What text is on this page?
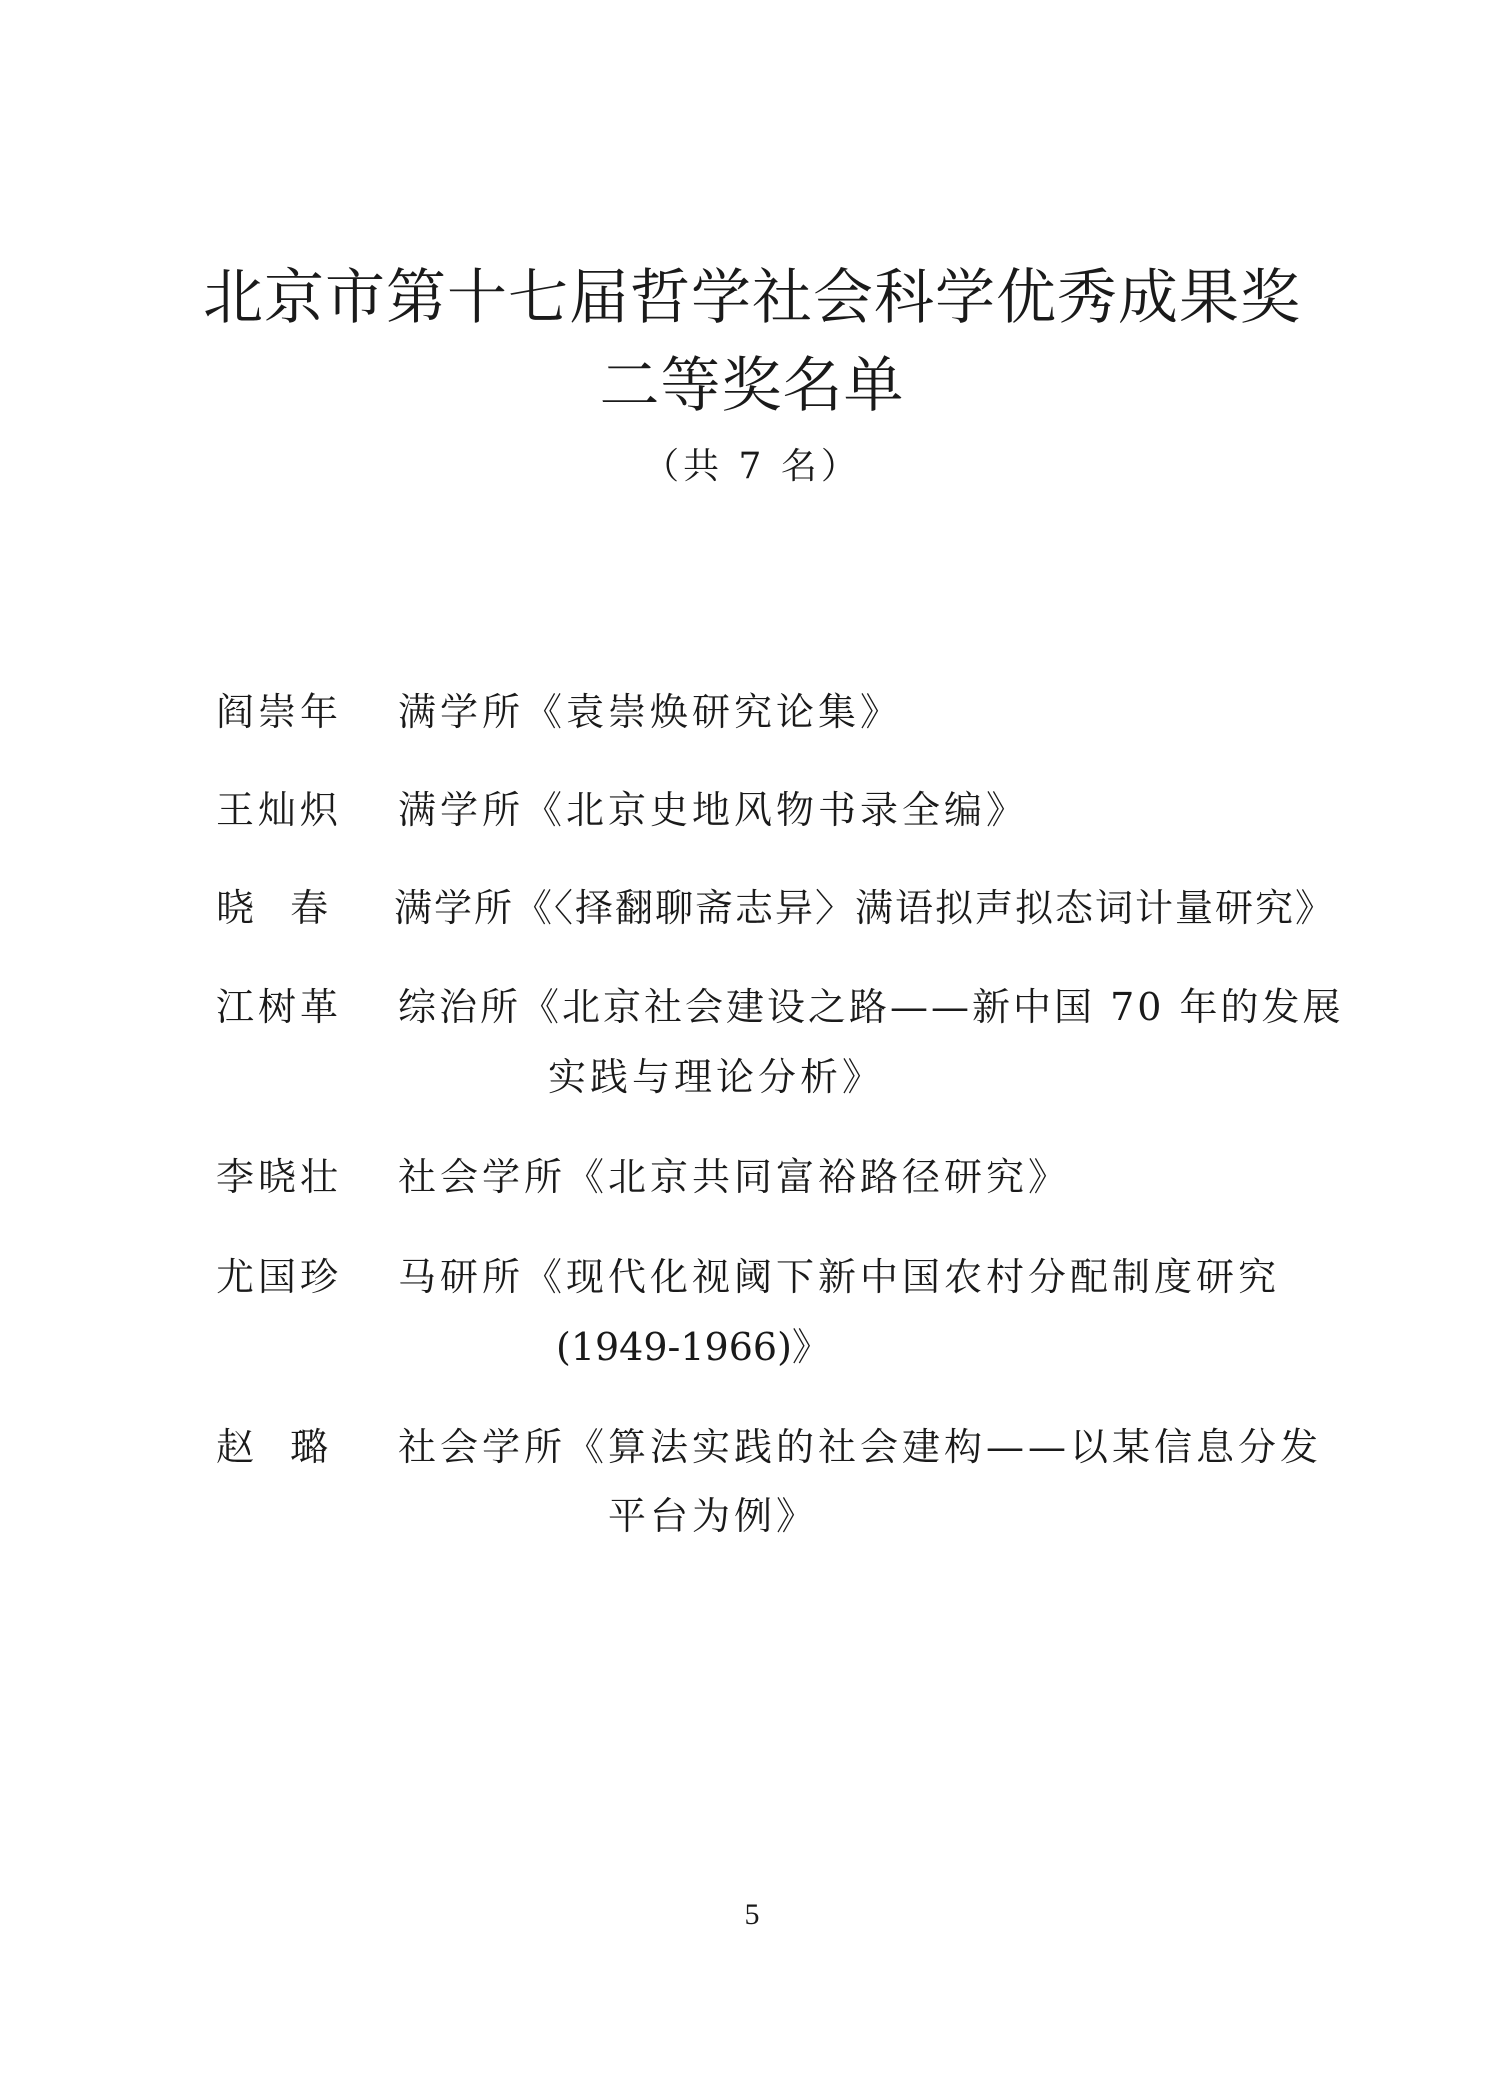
北京市第十七届哲学社会科学优秀成果奖
二等奖名单
（共 7 名）
阎崇年 满学所《袁崇焕研究论集》
王灿炽 满学所《北京史地风物书录全编》
晓  春 满学所《〈择翻聊斋志异〉满语拟声拟态词计量研究》
江树革 综治所《北京社会建设之路——新中国 70 年的发展
实践与理论分析》
李晓壮 社会学所《北京共同富裕路径研究》
尤国珍 马研所《现代化视阈下新中国农村分配制度研究
(1949-1966)》
赵  璐 社会学所《算法实践的社会建构——以某信息分发
平台为例》
5
